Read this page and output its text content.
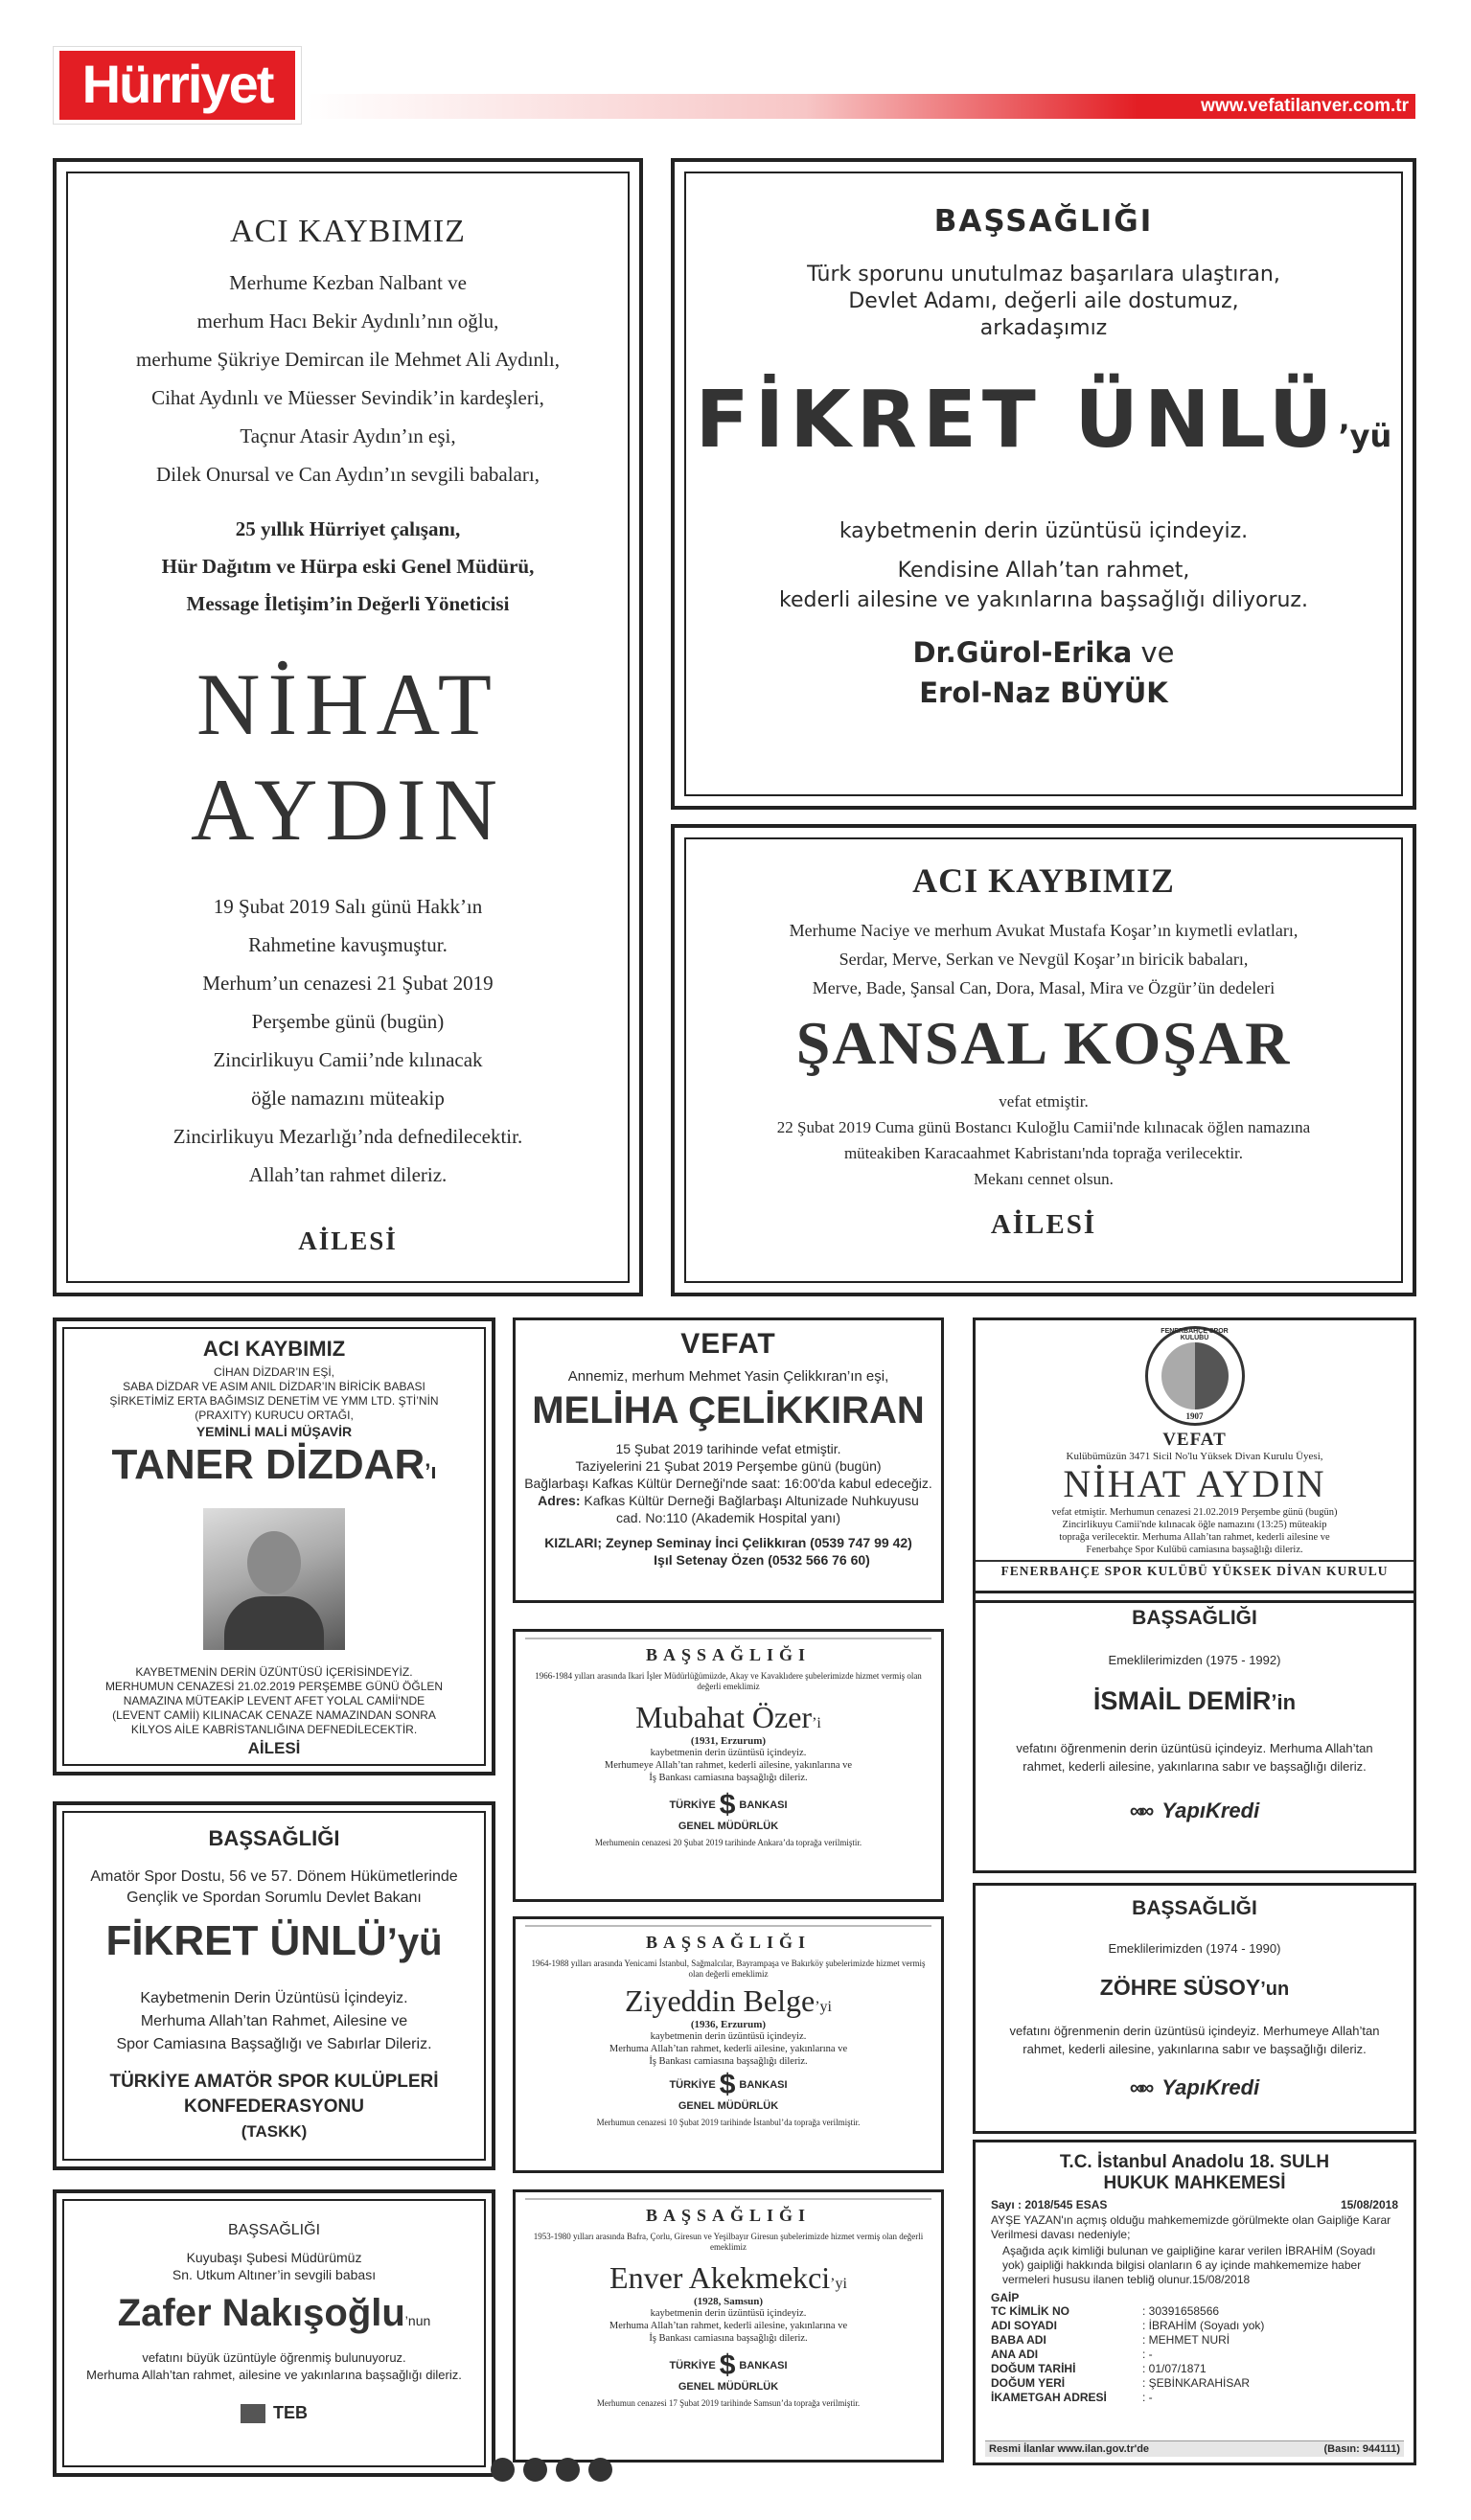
Hürriyet	www.vefatilanver.com.tr
ACI KAYBIMIZ
Merhume Kezban Nalbant ve
merhum Hacı Bekir Aydınlı’nın oğlu,
merhume Şükriye Demircan ile Mehmet Ali Aydınlı,
Cihat Aydınlı ve Müesser Sevindik’in kardeşleri,
Taçnur Atasir Aydın’ın eşi,
Dilek Onursal ve Can Aydın’ın sevgili babaları,
25 yıllık Hürriyet çalışanı,
Hür Dağıtım ve Hürpa eski Genel Müdürü,
Message İletişim’in Değerli Yöneticisi
NİHAT
AYDIN
19 Şubat 2019 Salı günü Hakk’ın
Rahmetine kavuşmuştur.
Merhum’un cenazesi 21 Şubat 2019
Perşembe günü (bugün)
Zincirlikuyu Camii’nde kılınacak
öğle namazını müteakip
Zincirlikuyu Mezarlığı’nda defnedilecektir.
Allah’tan rahmet dileriz.
AİLESİ
BAŞSAĞLIĞI
Türk sporunu unutulmaz başarılara ulaştıran,
Devlet Adamı, değerli aile dostumuz,
arkadaşımız
FİKRET ÜNLÜ’yü
kaybetmenin derin üzüntüsü içindeyiz.
Kendisine Allah’tan rahmet,
kederli ailesine ve yakınlarına başsağlığı diliyoruz.
Dr.Gürol-Erika ve
Erol-Naz BÜYÜK
ACI KAYBIMIZ
Merhume Naciye ve merhum Avukat Mustafa Koşar’ın kıymetli evlatları,
Serdar, Merve, Serkan ve Nevgül Koşar’ın biricik babaları,
Merve, Bade, Şansal Can, Dora, Masal, Mira ve Özgür’ün dedeleri
ŞANSAL KOŞAR
vefat etmiştir.
22 Şubat 2019 Cuma günü Bostancı Kuloğlu Camii'nde kılınacak öğlen namazına
müteakiben Karacaahmet Kabristanı'nda toprağa verilecektir.
Mekanı cennet olsun.
AİLESİ
ACI KAYBIMIZ
CİHAN DİZDAR’IN EŞİ,
SABA DİZDAR VE ASIM ANIL DİZDAR’IN BİRİCİK BABASI
ŞİRKETİMİZ ERTA BAĞIMSIZ DENETİM VE YMM LTD. ŞTİ’NİN
(PRAXITY) KURUCU ORTAĞI,
YEMİNLİ MALİ MÜŞAVİR
TANER DİZDAR’ı
KAYBETMENİN DERİN ÜZÜNTÜSÜ İÇERİSİNDEYİZ.
MERHUMUN CENAZESİ 21.02.2019 PERŞEMBE GÜNÜ ÖĞLEN
NAMAZINA MÜTEAKİP LEVENT AFET YOLAL CAMİİ'NDE
(LEVENT CAMİİ) KILINACAK CENAZE NAMAZINDAN SONRA
KİLYOS AİLE KABRİSTANLIĞINA DEFNEDİLECEKTİR.
AİLESİ
VEFAT
Annemiz, merhum Mehmet Yasin Çelikkıran’ın eşi,
MELİHA ÇELİKKIRAN
15 Şubat 2019 tarihinde vefat etmiştir.
Taziyelerini 21 Şubat 2019 Perşembe günü (bugün)
Bağlarbaşı Kafkas Kültür Derneği'nde saat: 16:00'da kabul edeceğiz.
Adres: Kafkas Kültür Derneği Bağlarbaşı Altunizade Nuhkuyusu cad. No:110 (Akademik Hospital yanı)
KIZLARI; Zeynep Seminay İnci Çelikkıran (0539 747 99 42)
Işıl Setenay Özen (0532 566 76 60)
FENERBAHÇE SPOR KULÜBÜ
1907
VEFAT
Kulübümüzün 3471 Sicil No'lu Yüksek Divan Kurulu Üyesi,
NİHAT AYDIN
vefat etmiştir. Merhumun cenazesi 21.02.2019 Perşembe günü (bugün)
Zincirlikuyu Camii'nde kılınacak öğle namazını (13:25) müteakip
toprağa verilecektir. Merhuma Allah’tan rahmet, kederli ailesine ve
Fenerbahçe Spor Kulübü camiasına başsağlığı dileriz.
FENERBAHÇE SPOR KULÜBÜ YÜKSEK DİVAN KURULU
BAŞSAĞLIĞI
1966-1984 yılları arasında Ikari İşler Müdürlüğümüzde, Akay ve Kavaklıdere şubelerimizde hizmet vermiş olan değerli emeklimiz
Mubahat Özer’i
(1931, Erzurum)
kaybetmenin derin üzüntüsü içindeyiz.
Merhumeye Allah’tan rahmet, kederli ailesine, yakınlarına ve
İş Bankası camiasına başsağlığı dileriz.
TÜRKİYE $ BANKASI
GENEL MÜDÜRLÜK
Merhumenin cenazesi 20 Şubat 2019 tarihinde Ankara’da toprağa verilmiştir.
BAŞSAĞLIĞI
Emeklilerimizden (1975 - 1992)
İSMAİL DEMİR’in
vefatını öğrenmenin derin üzüntüsü içindeyiz. Merhuma Allah’tan
rahmet, kederli ailesine, yakınlarına sabır ve başsağlığı dileriz.
∞∞ YapıKredi
BAŞSAĞLIĞI
Amatör Spor Dostu, 56 ve 57. Dönem Hükümetlerinde
Gençlik ve Spordan Sorumlu Devlet Bakanı
FİKRET ÜNLÜ’yü
Kaybetmenin Derin Üzüntüsü İçindeyiz.
Merhuma Allah’tan Rahmet, Ailesine ve
Spor Camiasına Başsağlığı ve Sabırlar Dileriz.
TÜRKİYE AMATÖR SPOR KULÜPLERİ
KONFEDERASYONU
(TASKK)
BAŞSAĞLIĞI
1964-1988 yılları arasında Yenicami İstanbul, Sağmalcılar, Bayrampaşa ve Bakırköy şubelerimizde hizmet vermiş olan değerli emeklimiz
Ziyeddin Belge’yi
(1936, Erzurum)
kaybetmenin derin üzüntüsü içindeyiz.
Merhuma Allah’tan rahmet, kederli ailesine, yakınlarına ve
İş Bankası camiasına başsağlığı dileriz.
TÜRKİYE $ BANKASI
GENEL MÜDÜRLÜK
Merhumun cenazesi 10 Şubat 2019 tarihinde İstanbul’da toprağa verilmiştir.
BAŞSAĞLIĞI
Emeklilerimizden (1974 - 1990)
ZÖHRE SÜSOY’un
vefatını öğrenmenin derin üzüntüsü içindeyiz. Merhumeye Allah’tan
rahmet, kederli ailesine, yakınlarına sabır ve başsağlığı dileriz.
∞∞ YapıKredi
BAŞSAĞLIĞI
Kuyubaşı Şubesi Müdürümüz
Sn. Utkum Altıner’in sevgili babası
Zafer Nakışoğlu’nun
vefatını büyük üzüntüyle öğrenmiş bulunuyoruz.
Merhuma Allah’tan rahmet, ailesine ve yakınlarına başsağlığı dileriz.
TEB
BAŞSAĞLIĞI
1953-1980 yılları arasında Bafra, Çorlu, Giresun ve Yeşilbayır Giresun şubelerimizde hizmet vermiş olan değerli emeklimiz
Enver Akekmekci’yi
(1928, Samsun)
kaybetmenin derin üzüntüsü içindeyiz.
Merhuma Allah’tan rahmet, kederli ailesine, yakınlarına ve
İş Bankası camiasına başsağlığı dileriz.
TÜRKİYE $ BANKASI
GENEL MÜDÜRLÜK
Merhumun cenazesi 17 Şubat 2019 tarihinde Samsun’da toprağa verilmiştir.
T.C. İstanbul Anadolu 18. SULH
HUKUK MAHKEMESİ
Sayı : 2018/545 ESAS	15/08/2018
AYŞE YAZAN'ın açmış olduğu mahkememizde görülmekte olan Gaipliğe Karar Verilmesi davası nedeniyle;
Aşağıda açık kimliği bulunan ve gaipliğine karar verilen İBRAHİM (Soyadı yok) gaipliği hakkında bilgisi olanların 6 ay içinde mahkememize haber vermeleri hususu ilanen tebliğ olunur.15/08/2018
GAİP
TC KİMLİK NO	: 30391658566
ADI SOYADI	: İBRAHİM (Soyadı yok)
BABA ADI	: MEHMET NURİ
ANA ADI	: -
DOĞUM TARİHİ	: 01/07/1871
DOĞUM YERİ	: ŞEBİNKARAHİSAR
İKAMETGAH ADRESİ	: -
Resmi İlanlar www.ilan.gov.tr'de	(Basın: 944111)
